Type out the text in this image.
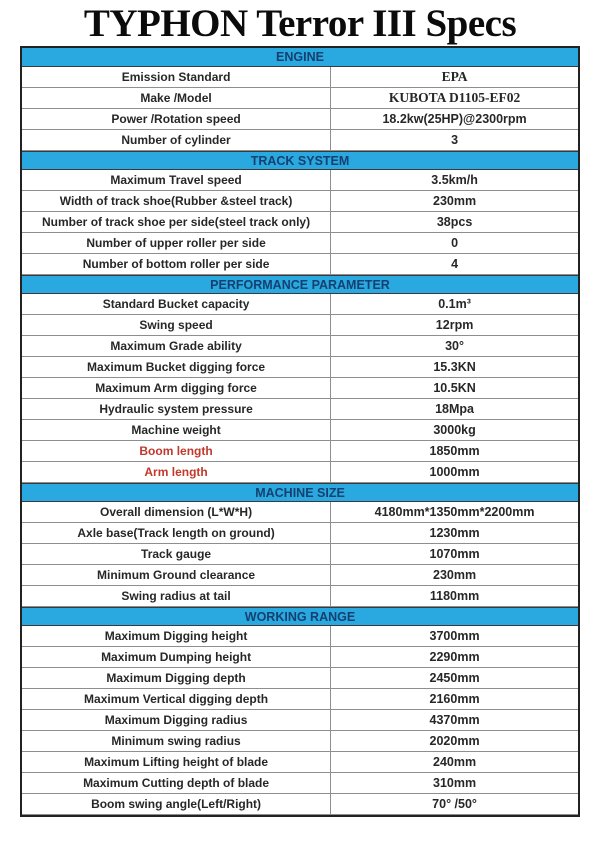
TYPHON Terror III Specs
ENGINE
Emission Standard	EPA
Make /Model	KUBOTA D1105-EF02
Power /Rotation speed	18.2kw(25HP)@2300rpm
Number of cylinder	3
TRACK SYSTEM
Maximum Travel speed	3.5km/h
Width of track shoe(Rubber &steel track)	230mm
Number of track shoe per side(steel track only)	38pcs
Number of upper roller per side	0
Number of bottom roller per side	4
PERFORMANCE PARAMETER
Standard Bucket capacity	0.1m³
Swing speed	12rpm
Maximum Grade ability	30°
Maximum Bucket digging force	15.3KN
Maximum Arm digging force	10.5KN
Hydraulic system pressure	18Mpa
Machine weight	3000kg
Boom length	1850mm
Arm length	1000mm
MACHINE SIZE
Overall dimension (L*W*H)	4180mm*1350mm*2200mm
Axle base(Track length on ground)	1230mm
Track gauge	1070mm
Minimum Ground clearance	230mm
Swing radius at tail	1180mm
WORKING RANGE
Maximum Digging height	3700mm
Maximum Dumping height	2290mm
Maximum Digging depth	2450mm
Maximum Vertical digging depth	2160mm
Maximum Digging radius	4370mm
Minimum swing radius	2020mm
Maximum Lifting height of blade	240mm
Maximum Cutting depth of blade	310mm
Boom swing angle(Left/Right)	70° /50°
